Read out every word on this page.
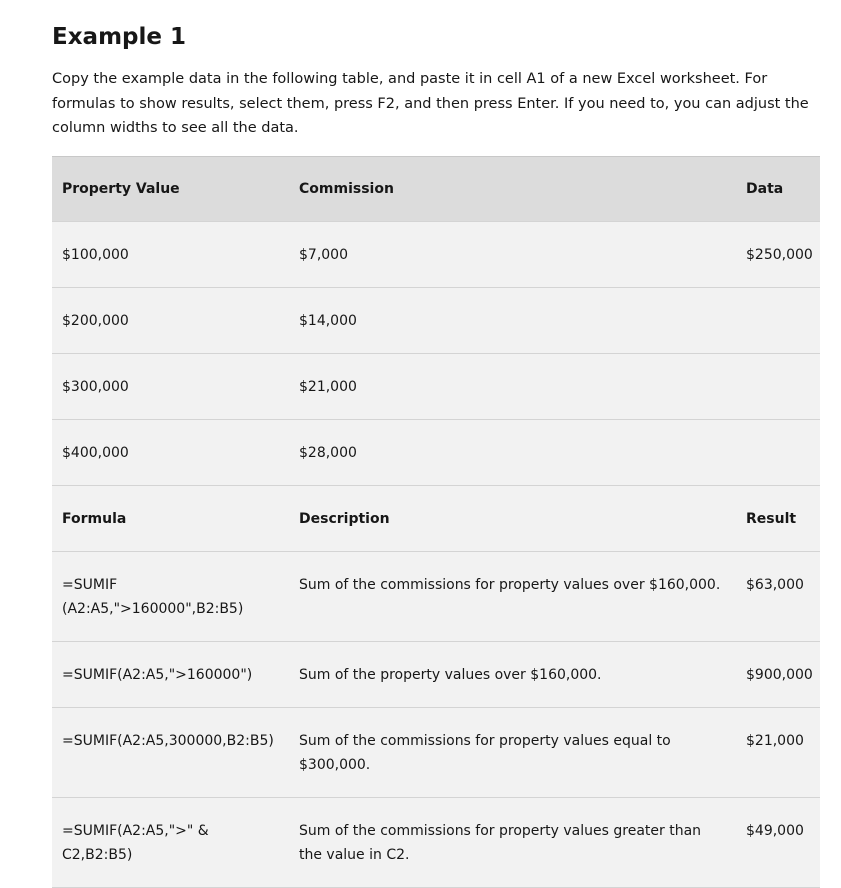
Example 1

Copy the example data in the following table, and paste it in cell A1 of a new Excel worksheet. For formulas to show results, select them, press F2, and then press Enter. If you need to, you can adjust the column widths to see all the data.

Property Value	Commission	Data
$100,000	$7,000	$250,000
$200,000	$14,000	
$300,000	$21,000	
$400,000	$28,000	
Formula	Description	Result
=SUMIF (A2:A5,">160000",B2:B5)	Sum of the commissions for property values over $160,000.	$63,000
=SUMIF(A2:A5,">160000")	Sum of the property values over $160,000.	$900,000
=SUMIF(A2:A5,300000,B2:B5)	Sum of the commissions for property values equal to $300,000.	$21,000
=SUMIF(A2:A5,">" & C2,B2:B5)	Sum of the commissions for property values greater than the value in C2.	$49,000
